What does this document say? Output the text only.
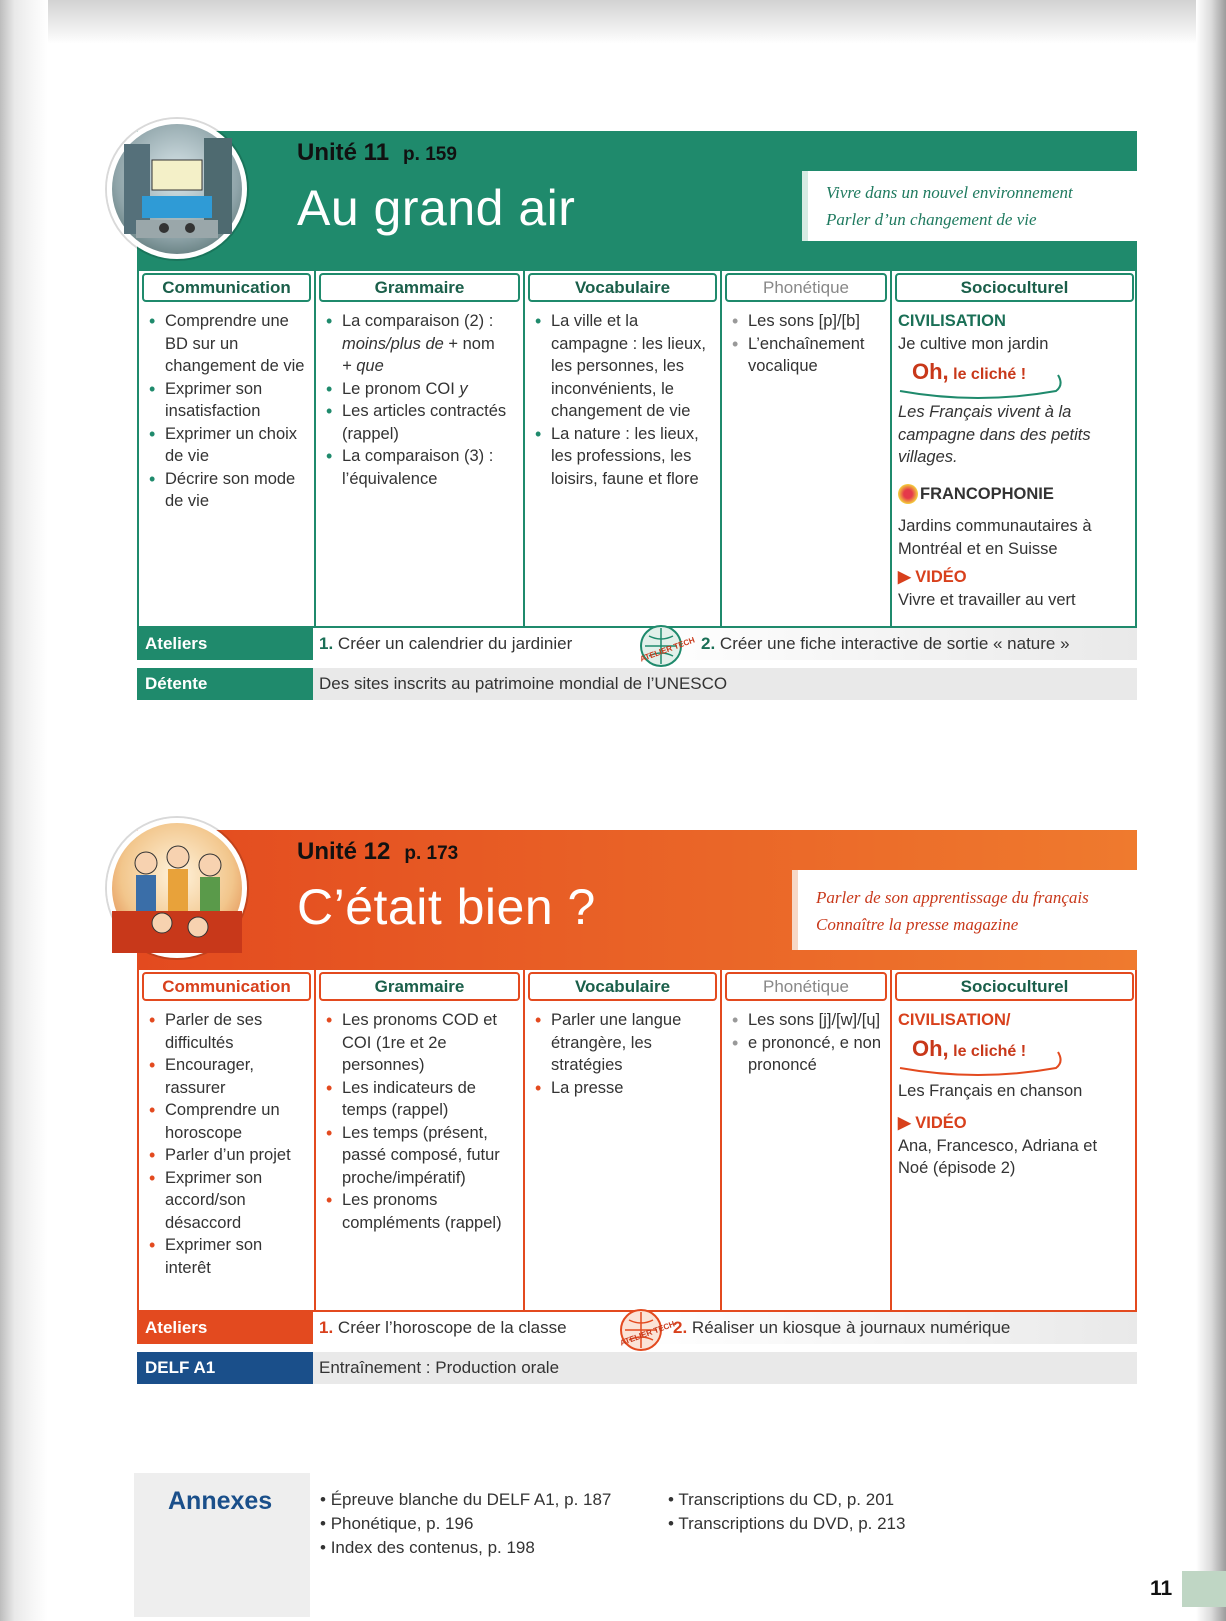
Unité 11 p. 159
Au grand air	Vivre dans un nouvel environnement
Parler d’un changement de vie
Communication
• Comprendre une BD sur un changement de vie
• Exprimer son insatisfaction
• Exprimer un choix de vie
• Décrire son mode de vie
Grammaire
• La comparaison (2) :
moins/plus de + nom
+ que
• Le pronom COI y
• Les articles contractés (rappel)
• La comparaison (3) : l’équivalence
Vocabulaire
• La ville et la campagne : les lieux, les personnes, les inconvénients, le changement de vie
• La nature : les lieux, les professions, les loisirs, faune et flore
Phonétique
• Les sons [p]/[b]
• L’enchaînement vocalique
Socioculturel
CIVILISATION
Je cultive mon jardin
Oh, le cliché !
Les Français vivent à la campagne dans des petits villages.
FRANCOPHONIE
Jardins communautaires à Montréal et en Suisse
▶ VIDÉO
Vivre et travailler au vert
Ateliers	1. Créer un calendrier du jardinier	2. Créer une fiche interactive de sortie « nature »
ATELIER TECH
Détente	Des sites inscrits au patrimoine mondial de l’UNESCO
Unité 12 p. 173
C’était bien ?	Parler de son apprentissage du français
Connaître la presse magazine
Communication
• Parler de ses difficultés
• Encourager, rassurer
• Comprendre un horoscope
• Parler d’un projet
• Exprimer son accord/son désaccord
• Exprimer son interêt
Grammaire
• Les pronoms COD et COI (1re et 2e personnes)
• Les indicateurs de temps (rappel)
• Les temps (présent, passé composé, futur proche/impératif)
• Les pronoms compléments (rappel)
Vocabulaire
• Parler une langue étrangère, les stratégies
• La presse
Phonétique
• Les sons [j]/[w]/[ɥ]
• e prononcé, e non prononcé
Socioculturel
CIVILISATION/
Oh, le cliché !
Les Français en chanson
▶ VIDÉO
Ana, Francesco, Adriana et Noé (épisode 2)
Ateliers	1. Créer l’horoscope de la classe	2. Réaliser un kiosque à journaux numérique
ATELIER TECH
DELF A1	Entraînement : Production orale
Annexes	• Épreuve blanche du DELF A1, p. 187
• Phonétique, p. 196
• Index des contenus, p. 198
• Transcriptions du CD, p. 201
• Transcriptions du DVD, p. 213
11
